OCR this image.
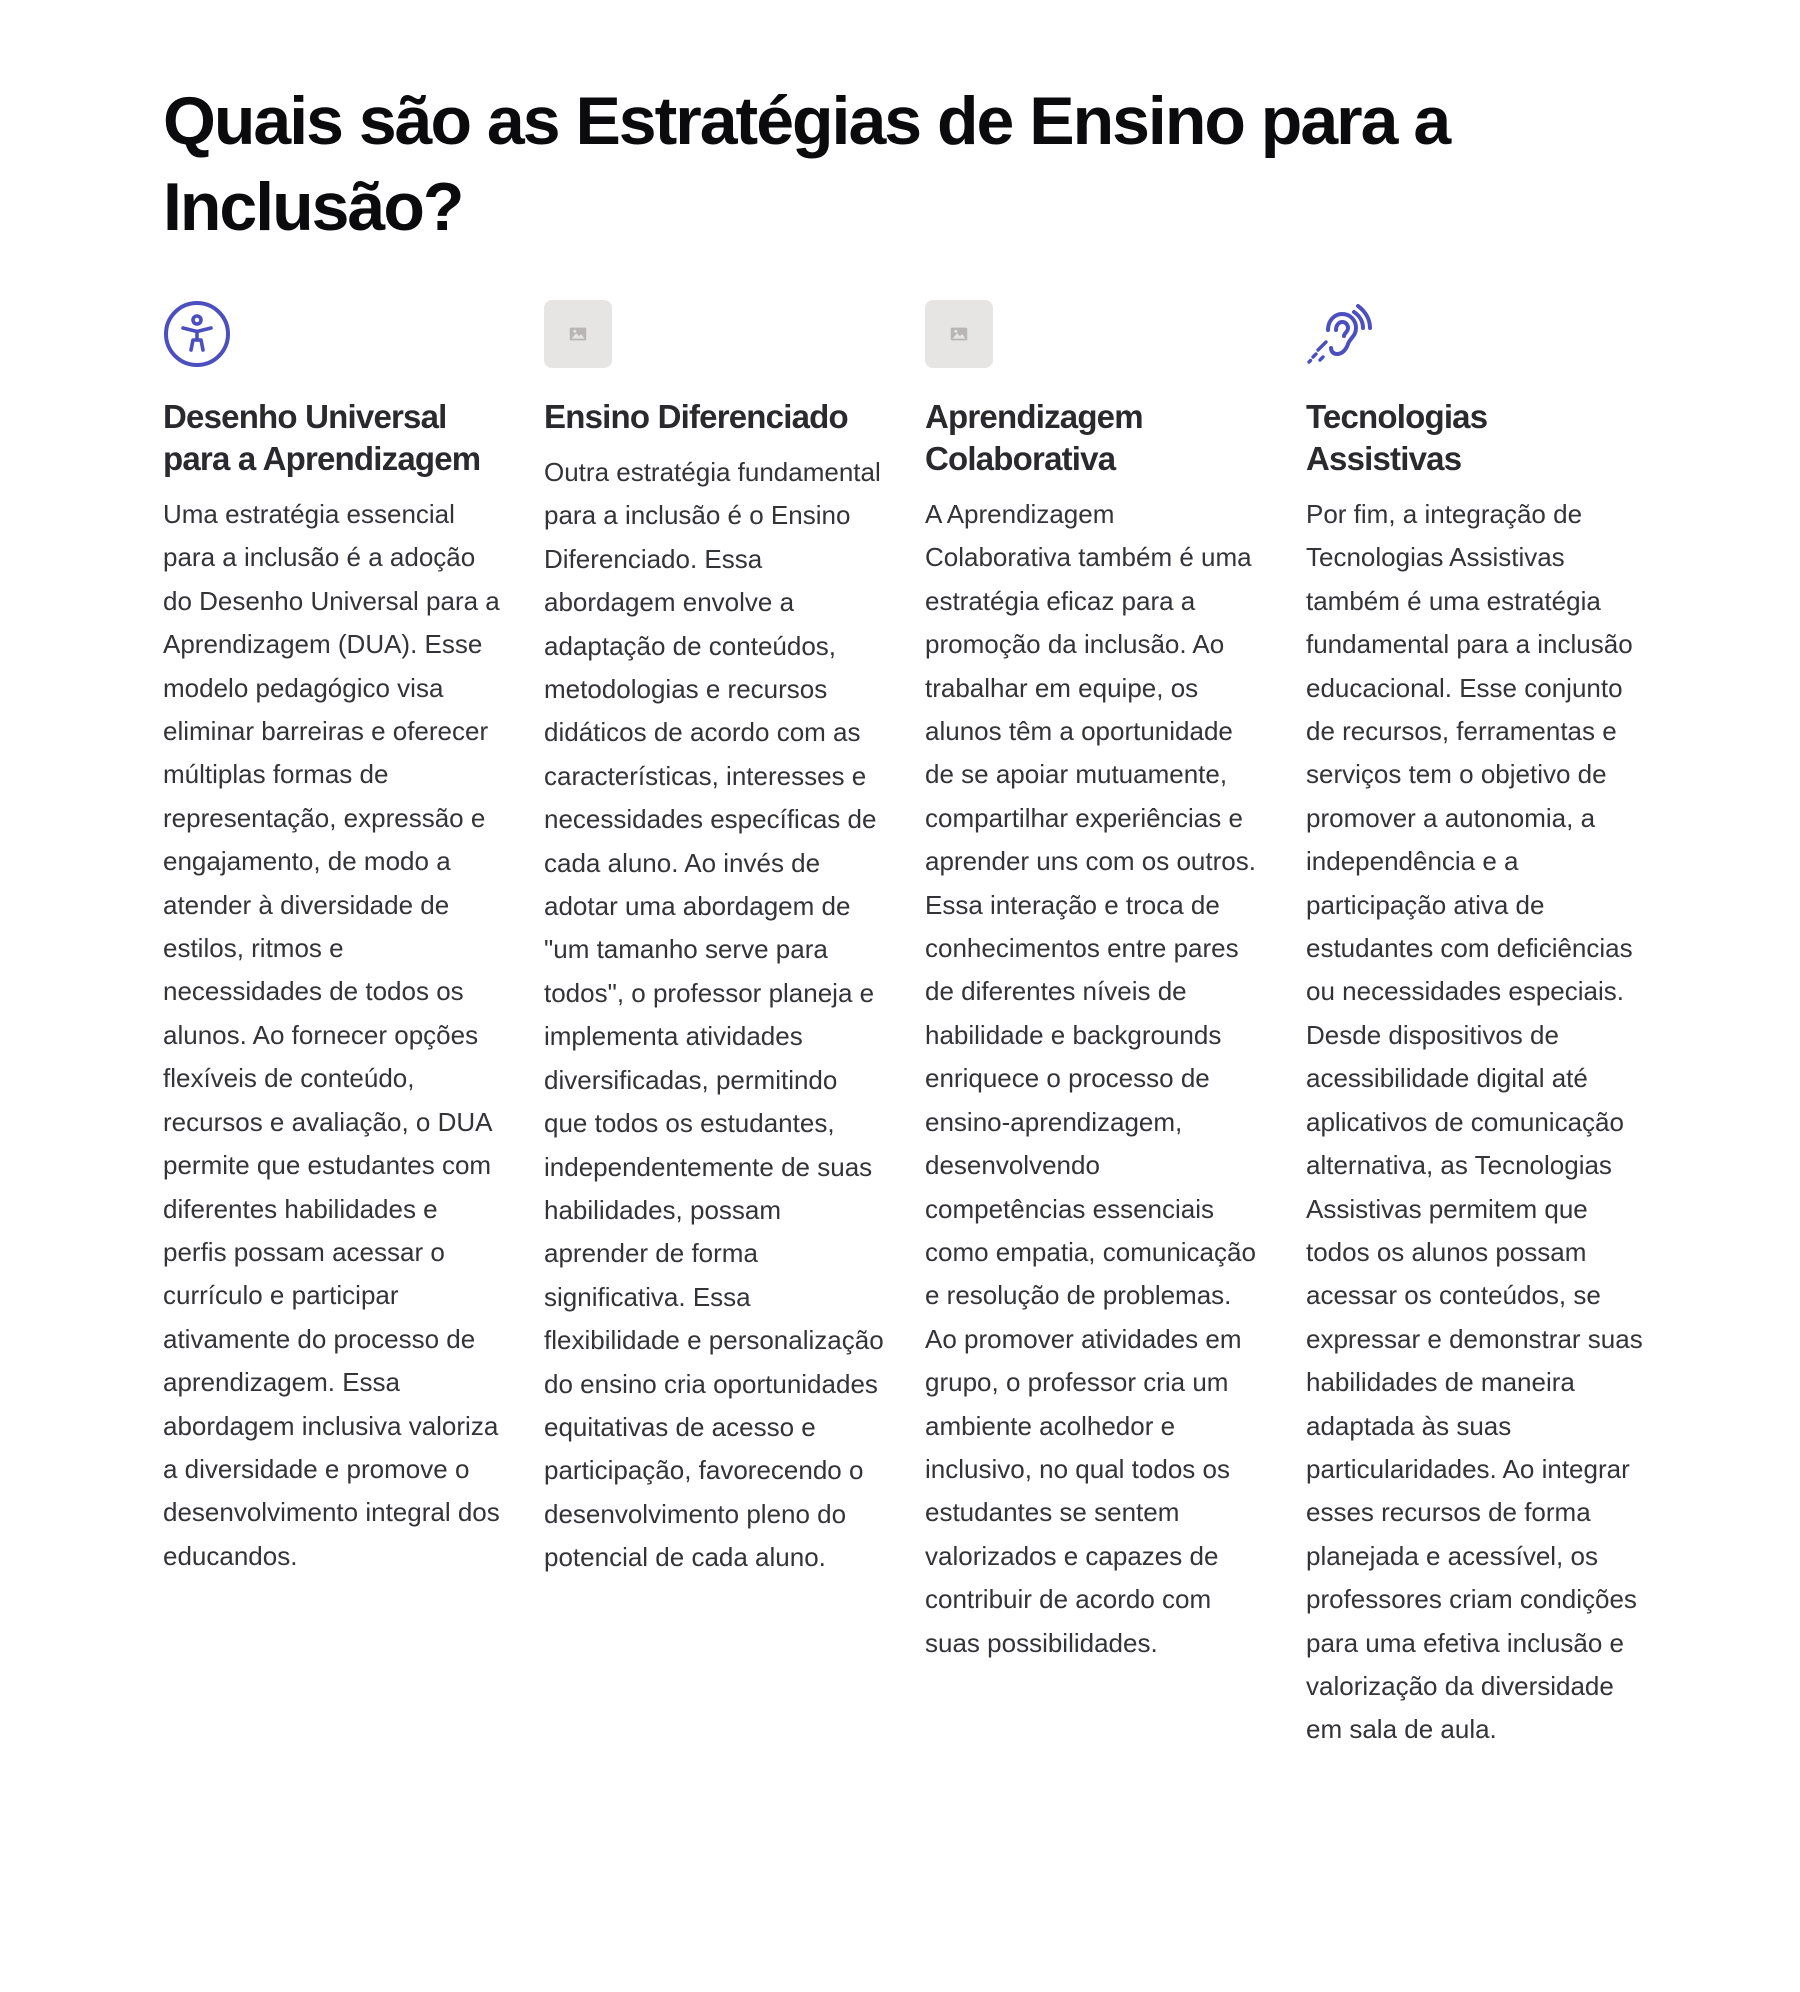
Quais são as Estratégias de Ensino para a Inclusão?
Desenho Universal para a Aprendizagem

Uma estratégia essencial para a inclusão é a adoção do Desenho Universal para a Aprendizagem (DUA). Esse modelo pedagógico visa eliminar barreiras e oferecer múltiplas formas de representação, expressão e engajamento, de modo a atender à diversidade de estilos, ritmos e necessidades de todos os alunos. Ao fornecer opções flexíveis de conteúdo, recursos e avaliação, o DUA permite que estudantes com diferentes habilidades e perfis possam acessar o currículo e participar ativamente do processo de aprendizagem. Essa abordagem inclusiva valoriza a diversidade e promove o desenvolvimento integral dos educandos.

Ensino Diferenciado

Outra estratégia fundamental para a inclusão é o Ensino Diferenciado. Essa abordagem envolve a adaptação de conteúdos, metodologias e recursos didáticos de acordo com as características, interesses e necessidades específicas de cada aluno. Ao invés de adotar uma abordagem de "um tamanho serve para todos", o professor planeja e implementa atividades diversificadas, permitindo que todos os estudantes, independentemente de suas habilidades, possam aprender de forma significativa. Essa flexibilidade e personalização do ensino cria oportunidades equitativas de acesso e participação, favorecendo o desenvolvimento pleno do potencial de cada aluno.

Aprendizagem Colaborativa

A Aprendizagem Colaborativa também é uma estratégia eficaz para a promoção da inclusão. Ao trabalhar em equipe, os alunos têm a oportunidade de se apoiar mutuamente, compartilhar experiências e aprender uns com os outros. Essa interação e troca de conhecimentos entre pares de diferentes níveis de habilidade e backgrounds enriquece o processo de ensino-aprendizagem, desenvolvendo competências essenciais como empatia, comunicação e resolução de problemas. Ao promover atividades em grupo, o professor cria um ambiente acolhedor e inclusivo, no qual todos os estudantes se sentem valorizados e capazes de contribuir de acordo com suas possibilidades.

Tecnologias Assistivas

Por fim, a integração de Tecnologias Assistivas também é uma estratégia fundamental para a inclusão educacional. Esse conjunto de recursos, ferramentas e serviços tem o objetivo de promover a autonomia, a independência e a participação ativa de estudantes com deficiências ou necessidades especiais. Desde dispositivos de acessibilidade digital até aplicativos de comunicação alternativa, as Tecnologias Assistivas permitem que todos os alunos possam acessar os conteúdos, se expressar e demonstrar suas habilidades de maneira adaptada às suas particularidades. Ao integrar esses recursos de forma planejada e acessível, os professores criam condições para uma efetiva inclusão e valorização da diversidade em sala de aula.
